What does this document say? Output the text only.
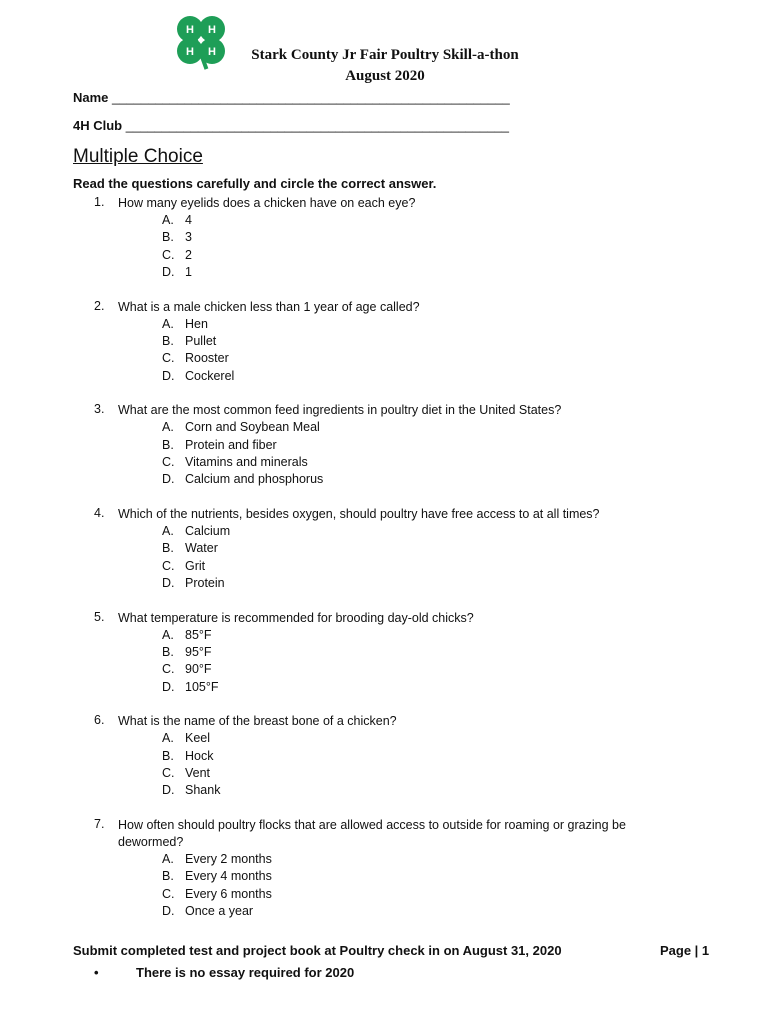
H H
H H	Stark County Jr Fair Poultry Skill-a-thon
August 2020
Name _______________________________________________________
4H Club _____________________________________________________
Multiple Choice
Read the questions carefully and circle the correct answer.
1.	How many eyelids does a chicken have on each eye?
A. 4
B. 3
C. 2
D. 1
2.	What is a male chicken less than 1 year of age called?
A. Hen
B. Pullet
C. Rooster
D. Cockerel
3.	What are the most common feed ingredients in poultry diet in the United States?
A. Corn and Soybean Meal
B. Protein and fiber
C. Vitamins and minerals
D. Calcium and phosphorus
4.	Which of the nutrients, besides oxygen, should poultry have free access to at all times?
A. Calcium
B. Water
C. Grit
D. Protein
5.	What temperature is recommended for brooding day-old chicks?
A. 85°F
B. 95°F
C. 90°F
D. 105°F
6.	What is the name of the breast bone of a chicken?
A. Keel
B. Hock
C. Vent
D. Shank
7.	How often should poultry flocks that are allowed access to outside for roaming or grazing be dewormed?
A. Every 2 months
B. Every 4 months
C. Every 6 months
D. Once a year
Submit completed test and project book at Poultry check in on August 31, 2020	Page | 1
•	There is no essay required for 2020
